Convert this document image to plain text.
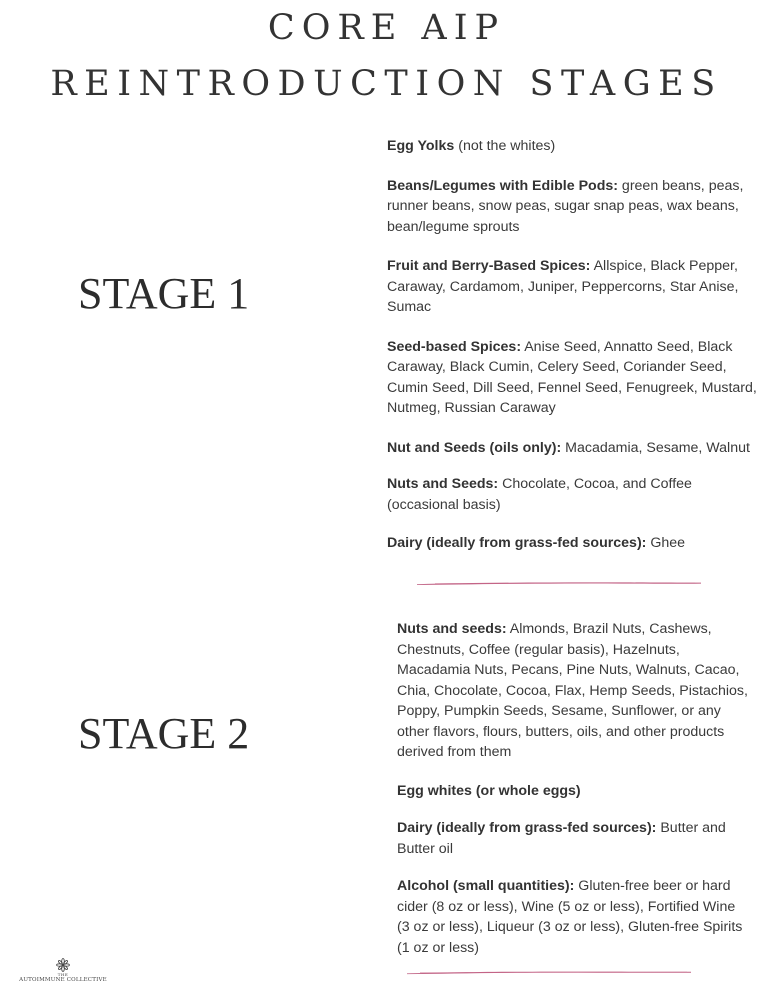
CORE AIP
REINTRODUCTION STAGES
STAGE 1

Egg Yolks (not the whites)

Beans/Legumes with Edible Pods: green beans, peas, runner beans, snow peas, sugar snap peas, wax beans, bean/legume sprouts

Fruit and Berry-Based Spices: Allspice, Black Pepper, Caraway, Cardamom, Juniper, Peppercorns, Star Anise, Sumac

Seed-based Spices: Anise Seed, Annatto Seed, Black Caraway, Black Cumin, Celery Seed, Coriander Seed, Cumin Seed, Dill Seed, Fennel Seed, Fenugreek, Mustard, Nutmeg, Russian Caraway

Nut and Seeds (oils only): Macadamia, Sesame, Walnut

Nuts and Seeds: Chocolate, Cocoa, and Coffee (occasional basis)

Dairy (ideally from grass-fed sources): Ghee

STAGE 2

Nuts and seeds: Almonds, Brazil Nuts, Cashews, Chestnuts, Coffee (regular basis), Hazelnuts, Macadamia Nuts, Pecans, Pine Nuts, Walnuts, Cacao, Chia, Chocolate, Cocoa, Flax, Hemp Seeds, Pistachios, Poppy, Pumpkin Seeds, Sesame, Sunflower, or any other flavors, flours, butters, oils, and other products derived from them

Egg whites (or whole eggs)

Dairy (ideally from grass-fed sources): Butter and Butter oil

Alcohol (small quantities): Gluten-free beer or hard cider (8 oz or less), Wine (5 oz or less), Fortified Wine (3 oz or less), Liqueur (3 oz or less), Gluten-free Spirits (1 oz or less)

THE
AUTOIMMUNE COLLECTIVE
